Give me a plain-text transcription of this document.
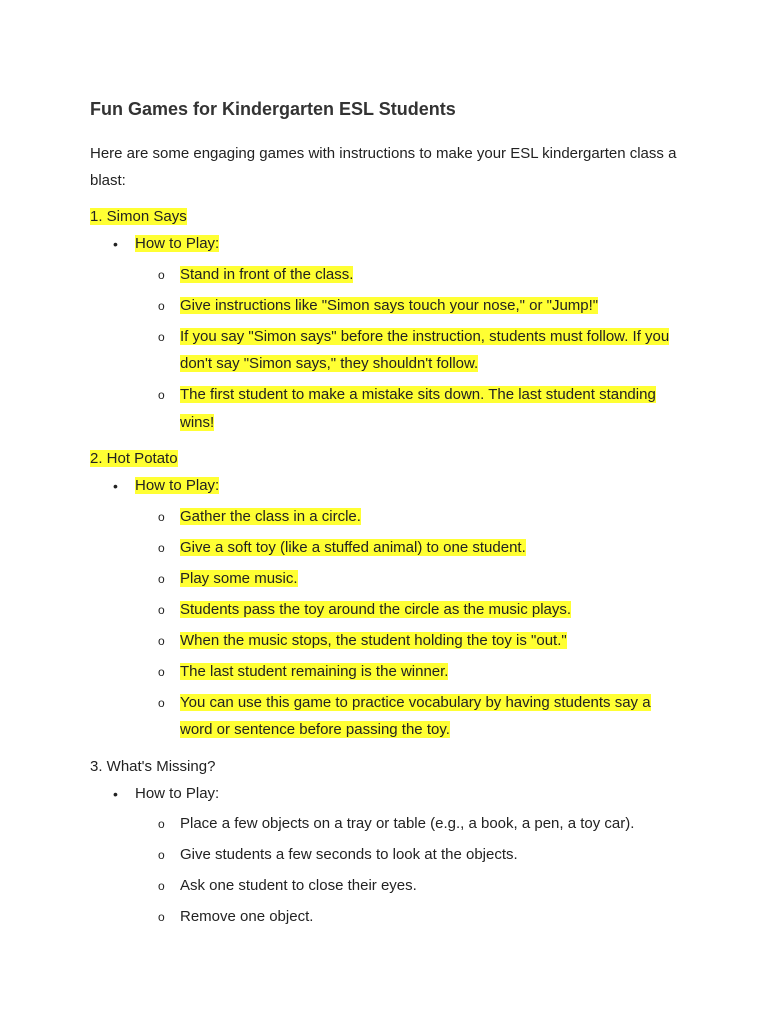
Fun Games for Kindergarten ESL Students

Here are some engaging games with instructions to make your ESL kindergarten class a blast:

1. Simon Says
• How to Play:
o Stand in front of the class.
o Give instructions like "Simon says touch your nose," or "Jump!"
o If you say "Simon says" before the instruction, students must follow. If you don't say "Simon says," they shouldn't follow.
o The first student to make a mistake sits down. The last student standing wins!
2. Hot Potato
• How to Play:
o Gather the class in a circle.
o Give a soft toy (like a stuffed animal) to one student.
o Play some music.
o Students pass the toy around the circle as the music plays.
o When the music stops, the student holding the toy is "out."
o The last student remaining is the winner.
o You can use this game to practice vocabulary by having students say a word or sentence before passing the toy.
3. What's Missing?
• How to Play:
o Place a few objects on a tray or table (e.g., a book, a pen, a toy car).
o Give students a few seconds to look at the objects.
o Ask one student to close their eyes.
o Remove one object.
